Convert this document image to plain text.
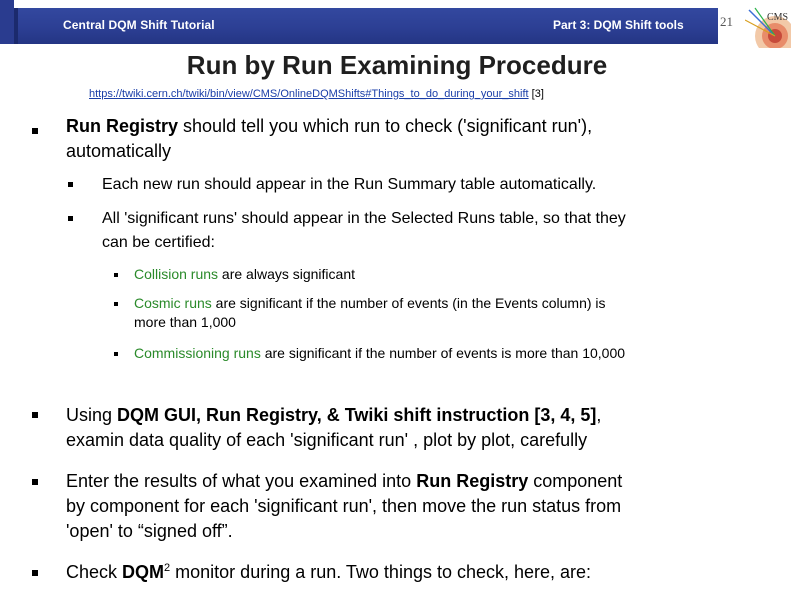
Central DQM Shift Tutorial	Part 3: DQM Shift tools	21	CMS
Run by Run Examining Procedure
https://twiki.cern.ch/twiki/bin/view/CMS/OnlineDQMShifts#Things_to_do_during_your_shift [3]
Run Registry should tell you which run to check ('significant run'),
automatically
Each new run should appear in the Run Summary table automatically.
All 'significant runs' should appear in the Selected Runs table, so that they
can be certified:
Collision runs are always significant
Cosmic runs are significant if the number of events (in the Events column) is
more than 1,000
Commissioning runs are significant if the number of events is more than 10,000
Using DQM GUI, Run Registry, & Twiki shift instruction [3, 4, 5],
examin data quality of each 'significant run' , plot by plot, carefully
Enter the results of what you examined into Run Registry component
by component for each 'significant run', then move the run status from
'open' to “signed off”.
Check DQM$^2$ monitor during a run. Two things to check, here, are:
